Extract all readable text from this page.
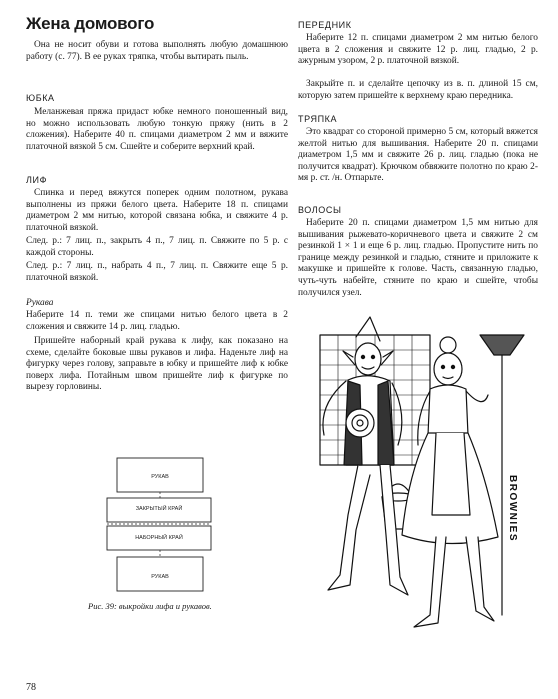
Жена домового

Она не носит обуви и готова выполнять любую домашнюю работу (с. 77). В ее руках тряпка, чтобы вытирать пыль.

ЮБКА

Меланжевая пряжа придаст юбке немного поношенный вид, но можно использовать любую тонкую пряжу (нить в 2 сложения). Наберите 40 п. спицами диаметром 2 мм и вяжите платочной вязкой 5 см. Сшейте и соберите верхний край.

ЛИФ

Спинка и перед вяжутся поперек одним полотном, рукава выполнены из пряжи белого цвета. Наберите 18 п. спицами диаметром 2 мм нитью, которой связана юбка, и свяжите 4 р. платочной вязкой.

След. р.: 7 лиц. п., закрыть 4 п., 7 лиц. п. Свяжите по 5 р. с каждой стороны.

След. р.: 7 лиц. п., набрать 4 п., 7 лиц. п. Свяжите еще 5 р. платочной вязкой.

Рукава

Наберите 14 п. теми же спицами нитью белого цвета в 2 сложения и свяжите 14 р. лиц. гладью.

Пришейте наборный край рукава к лифу, как показано на схеме, сделайте боковые швы рукавов и лифа. Наденьте лиф на фигурку через голову, заправьте в юбку и пришейте лиф к юбке поверх лифа. Потайным швом пришейте лиф к фигурке по вырезу горловины.

ПЕРЕДНИК

Наберите 12 п. спицами диаметром 2 мм нитью белого цвета в 2 сложения и свяжите 12 р. лиц. гладью, 2 р. ажурным узором, 2 р. платочной вязкой.

Закрыйте п. и сделайте цепочку из в. п. длиной 15 см, которую затем пришейте к верхнему краю передника.

ТРЯПКА

Это квадрат со стороной примерно 5 см, который вяжется желтой нитью для вышивания. Наберите 20 п. спицами диаметром 1,5 мм и свяжите 26 р. лиц. гладью (пока не получится квадрат). Крючком обвяжите полотно по краю 2-мя р. ст. /н. Отпарьте.

ВОЛОСЫ

Наберите 20 п. спицами диаметром 1,5 мм нитью для вышивания рыжевато-коричневого цвета и свяжите 2 см резинкой 1 × 1 и еще 6 р. лиц. гладью. Пропустите нить по границе между резинкой и гладью, стяните и приложите к макушке и пришейте к голове. Часть, связанную гладью, чуть-чуть набейте, стяните по краю и сшейте, чтобы получился узел.

РУКАВ
ЗАКРЫТЫЙ КРАЙ
НАБОРНЫЙ КРАЙ
РУКАВ
Рис. 39: выкройки лифа и рукавов.
BROWNIES
78
